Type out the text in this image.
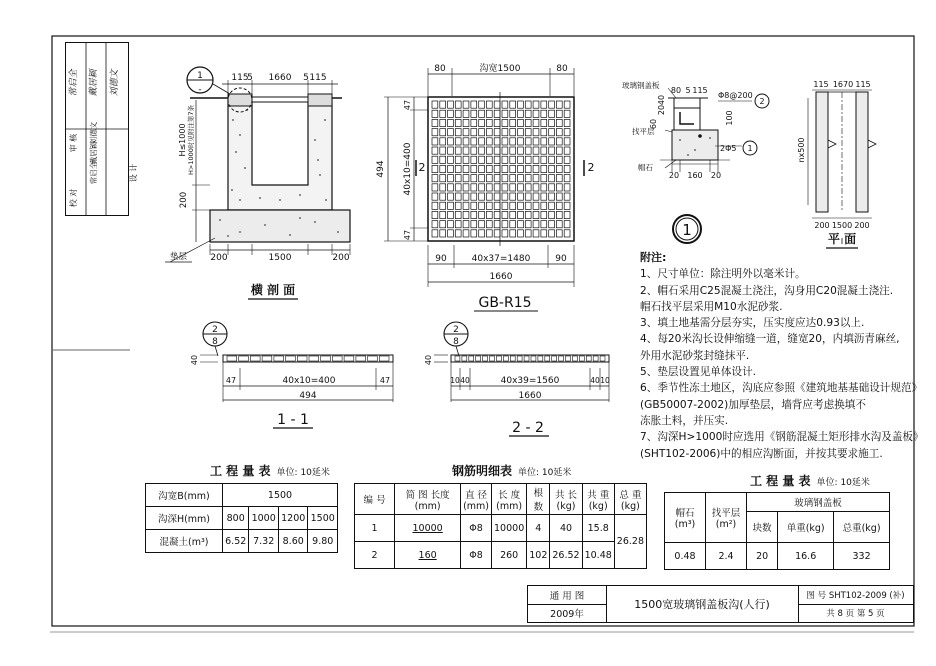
1
-
115
5 1660 5 115
H≤1000 H>1000时见附注第7条
200
200	1500	200
垫层
横 剖 面
80	沟宽1500	80
494
47
40x10=400
47
90	40x37=1480	90
1660
2	2
GB-R15
玻璃钢盖板
80 5 115
Φ8@200
60
20
40
100
2Φ5
找平层
帽石
20 160 20
2
1
1
115 1670 115
nx500
200 1500 200
平 面
2
8
40
47	40x10=400	47
494
1 - 1
2
8
40
10 40	40x39=1560	40 10
1660
2 - 2
设 计
校 对
审 核
常启全
戴居颖
刘德文
常启全 戴居颖 刘德文
附注:
1、尺寸单位：除注明外以毫米计。
2、帽石采用C25混凝土浇注，沟身用C20混凝土浇注.
帽石找平层采用M10水泥砂浆.
3、填土地基需分层夯实，压实度应达0.93以上.
4、每20米沟长设伸缩缝一道，缝宽20，内填沥青麻丝,
外用水泥砂浆封缝抹平.
5、垫层设置见单体设计.
6、季节性冻土地区，沟底应参照《建筑地基基础设计规范》
(GB50007-2002)加厚垫层，墙背应考虑换填不
冻胀土料，并压实.
7、沟深H>1000时应选用《钢筋混凝土矩形排水沟及盖板》
(SHT102-2006)中的相应沟断面，并按其要求施工.
工 程 量 表 单位: 10延米
沟宽B(mm)	1500			
沟深H(mm)	800	1000	1200	1500
混凝土(m³)	6.52	7.32	8.60	9.80
钢筋明细表 单位: 10延米
编 号	简 图 长度(mm)	直 径 (mm)	长 度 (mm)	根数	共 长 (kg)	共 重 (kg)	总 重 (kg)
1	10000	Φ8	10000	4	40	15.8	26.28
2	160	Φ8	260	102	26.52	10.48	
工 程 量 表 单位: 10延米
帽石 (m³)	找平层 (m²)	玻璃钢盖板		
		块数	单重(kg)	总重(kg)
0.48	2.4	20	16.6	332
通 用 图
2009年
1500宽玻璃钢盖板沟(人行)
图 号 SHT102-2009 (补)
共 8 页 第 5 页
